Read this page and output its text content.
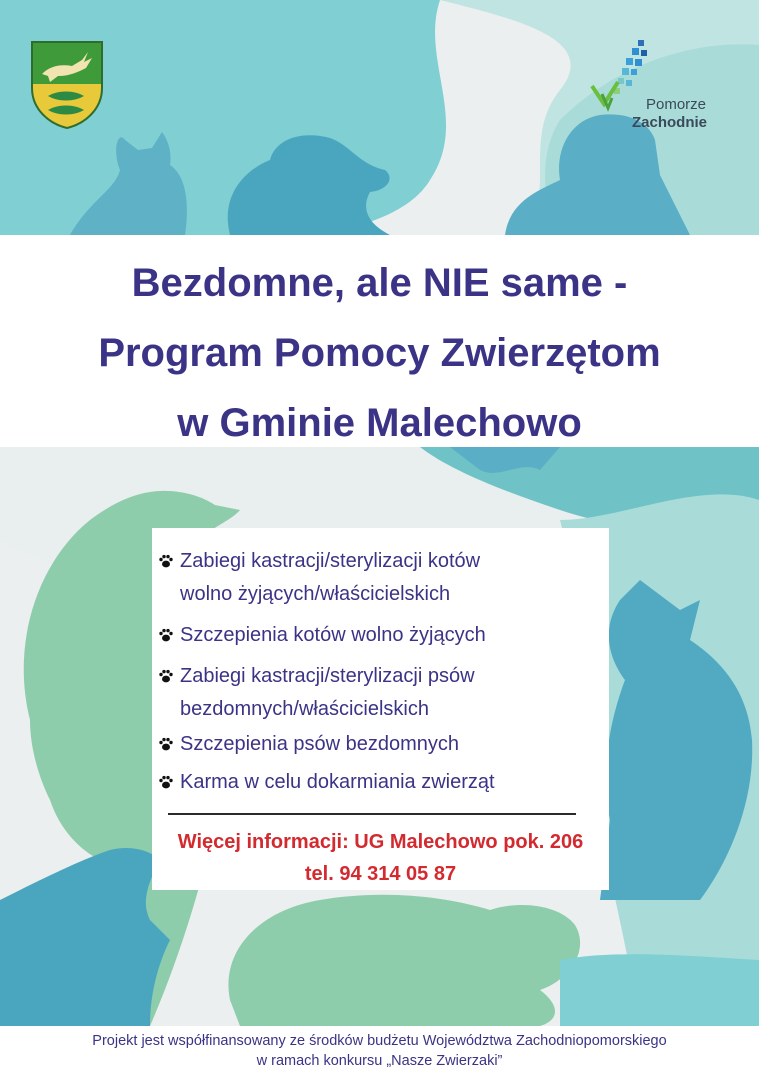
Pomorze
Zachodnie
Bezdomne, ale NIE same -
Program Pomocy Zwierzętom
w Gminie Malechowo
Zabiegi kastracji/sterylizacji kotów
wolno żyjących/właścicielskich
Szczepienia kotów wolno żyjących
Zabiegi kastracji/sterylizacji psów
bezdomnych/właścicielskich
Szczepienia psów bezdomnych
Karma w celu dokarmiania zwierząt
Więcej informacji: UG Malechowo pok. 206
tel. 94 314 05 87
Projekt jest współfinansowany ze środków budżetu Województwa Zachodniopomorskiego
w ramach konkursu „Nasze Zwierzaki”
